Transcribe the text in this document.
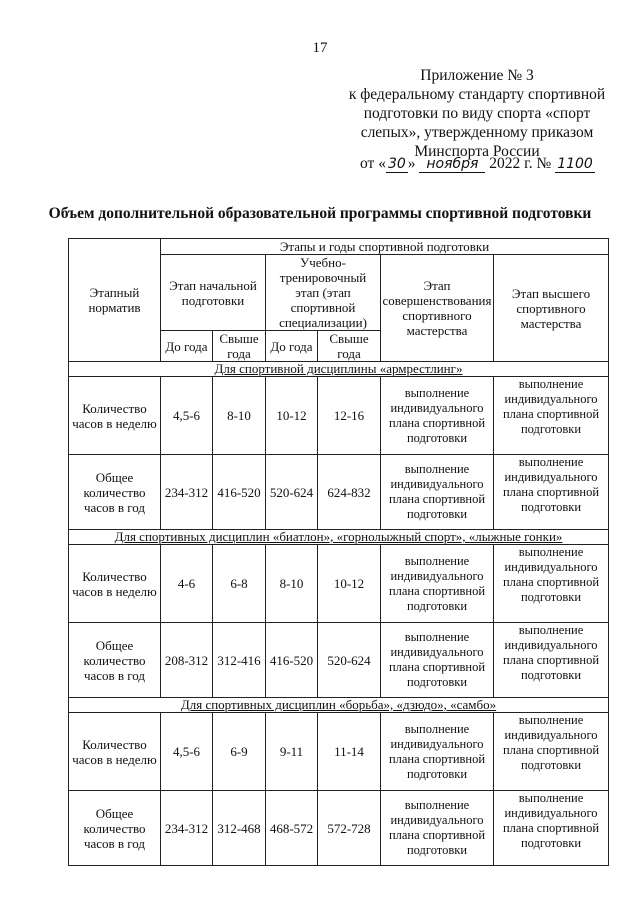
17
Приложение № 3
к федеральному стандарту спортивной
подготовки по виду спорта «спорт
слепых», утвержденному приказом
Минспорта России
от « 30 » ноября 2022 г. № 1100
Объем дополнительной образовательной программы спортивной подготовки
Этапный норматив	Этапы и годы спортивной подготовки					
	Этап начальной подготовки		Учебно-тренировочный этап (этап спортивной специализации)		Этап совершенствования спортивного мастерства	Этап высшего спортивного мастерства
	До года	Свыше года	До года	Свыше года		
Для спортивной дисциплины «армрестлинг»						
Количество часов в неделю	4,5-6	8-10	10-12	12-16	выполнение индивидуального плана спортивной подготовки	выполнение индивидуального плана спортивной подготовки
Общее количество часов в год	234-312	416-520	520-624	624-832	выполнение индивидуального плана спортивной подготовки	выполнение индивидуального плана спортивной подготовки
Для спортивных дисциплин «биатлон», «горнолыжный спорт», «лыжные гонки»						
Количество часов в неделю	4-6	6-8	8-10	10-12	выполнение индивидуального плана спортивной подготовки	выполнение индивидуального плана спортивной подготовки
Общее количество часов в год	208-312	312-416	416-520	520-624	выполнение индивидуального плана спортивной подготовки	выполнение индивидуального плана спортивной подготовки
Для спортивных дисциплин «борьба», «дзюдо», «самбо»						
Количество часов в неделю	4,5-6	6-9	9-11	11-14	выполнение индивидуального плана спортивной подготовки	выполнение индивидуального плана спортивной подготовки
Общее количество часов в год	234-312	312-468	468-572	572-728	выполнение индивидуального плана спортивной подготовки	выполнение индивидуального плана спортивной подготовки
